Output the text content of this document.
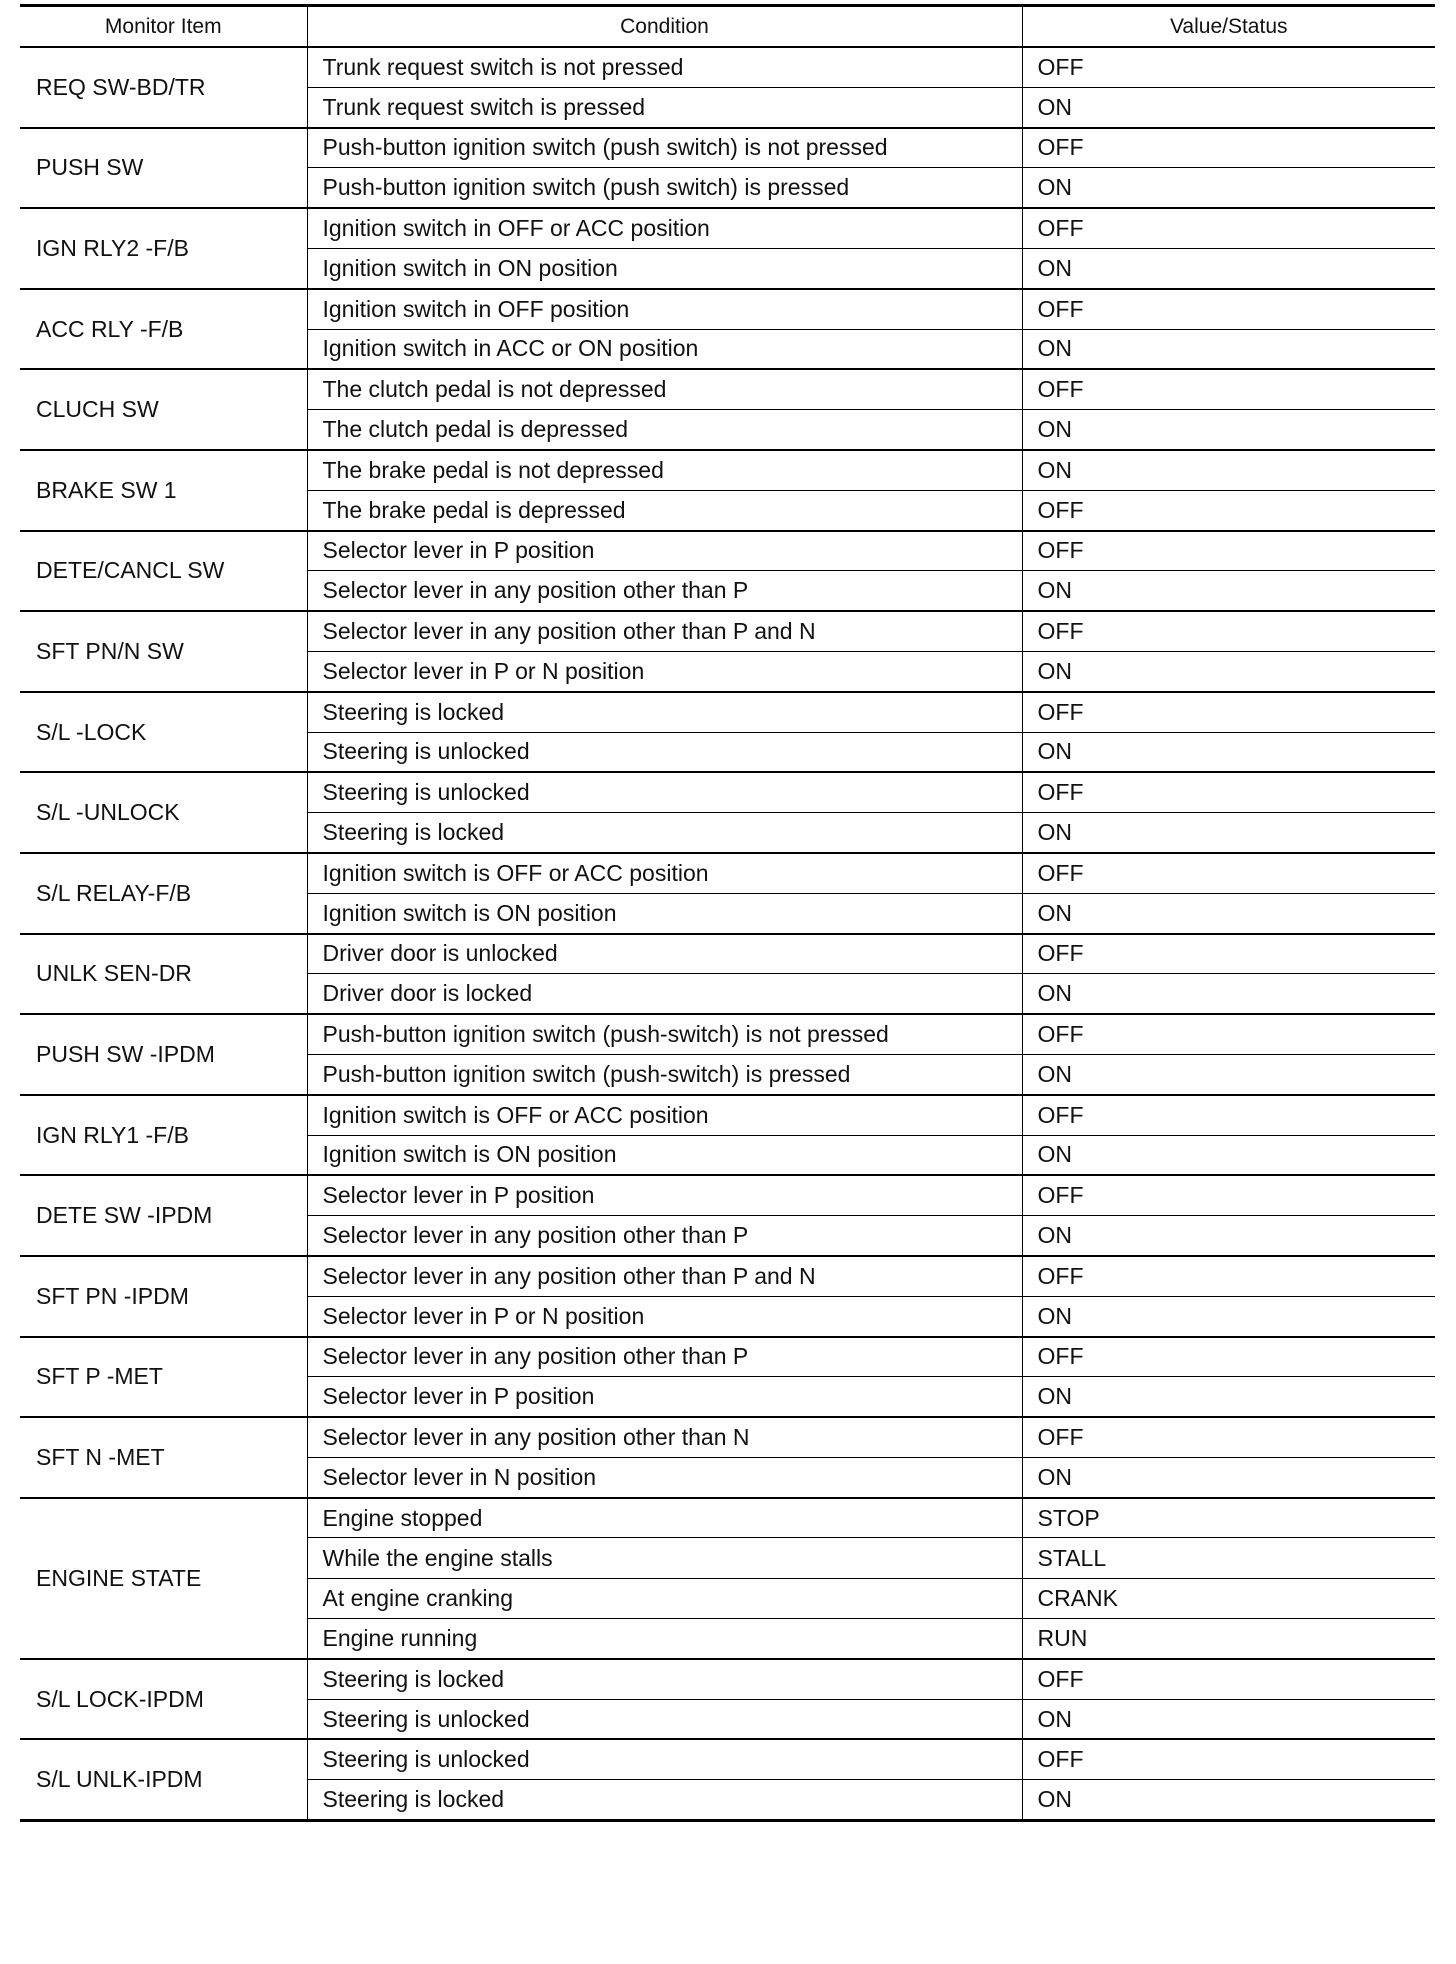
Monitor Item	Condition	Value/Status
REQ SW-BD/TR	Trunk request switch is not pressed	OFF
	Trunk request switch is pressed	ON
PUSH SW	Push-button ignition switch (push switch) is not pressed	OFF
	Push-button ignition switch (push switch) is pressed	ON
IGN RLY2 -F/B	Ignition switch in OFF or ACC position	OFF
	Ignition switch in ON position	ON
ACC RLY -F/B	Ignition switch in OFF position	OFF
	Ignition switch in ACC or ON position	ON
CLUCH SW	The clutch pedal is not depressed	OFF
	The clutch pedal is depressed	ON
BRAKE SW 1	The brake pedal is not depressed	ON
	The brake pedal is depressed	OFF
DETE/CANCL SW	Selector lever in P position	OFF
	Selector lever in any position other than P	ON
SFT PN/N SW	Selector lever in any position other than P and N	OFF
	Selector lever in P or N position	ON
S/L -LOCK	Steering is locked	OFF
	Steering is unlocked	ON
S/L -UNLOCK	Steering is unlocked	OFF
	Steering is locked	ON
S/L RELAY-F/B	Ignition switch is OFF or ACC position	OFF
	Ignition switch is ON position	ON
UNLK SEN-DR	Driver door is unlocked	OFF
	Driver door is locked	ON
PUSH SW -IPDM	Push-button ignition switch (push-switch) is not pressed	OFF
	Push-button ignition switch (push-switch) is pressed	ON
IGN RLY1 -F/B	Ignition switch is OFF or ACC position	OFF
	Ignition switch is ON position	ON
DETE SW -IPDM	Selector lever in P position	OFF
	Selector lever in any position other than P	ON
SFT PN -IPDM	Selector lever in any position other than P and N	OFF
	Selector lever in P or N position	ON
SFT P -MET	Selector lever in any position other than P	OFF
	Selector lever in P position	ON
SFT N -MET	Selector lever in any position other than N	OFF
	Selector lever in N position	ON
ENGINE STATE	Engine stopped	STOP
	While the engine stalls	STALL
	At engine cranking	CRANK
	Engine running	RUN
S/L LOCK-IPDM	Steering is locked	OFF
	Steering is unlocked	ON
S/L UNLK-IPDM	Steering is unlocked	OFF
	Steering is locked	ON
